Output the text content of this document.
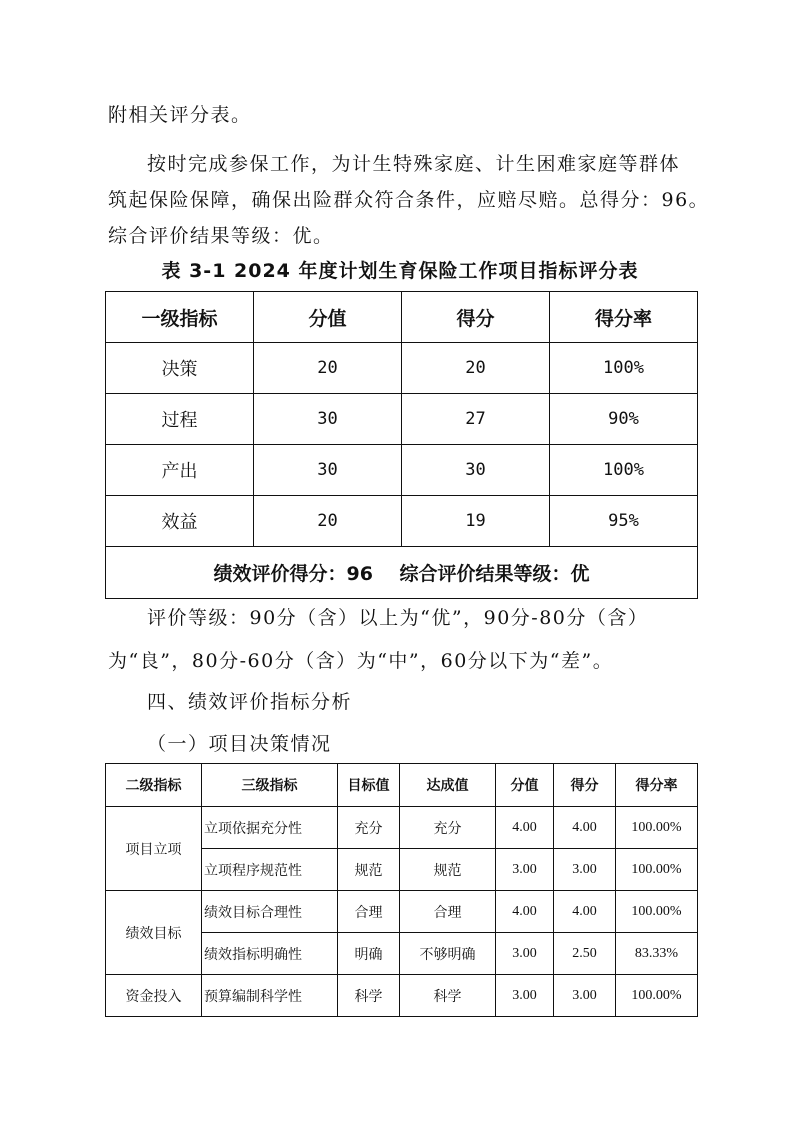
附相关评分表。
按时完成参保工作，为计生特殊家庭、计生困难家庭等群体
筑起保险保障，确保出险群众符合条件，应赔尽赔。总得分：96。
综合评价结果等级：优。
表 3-1 2024 年度计划生育保险工作项目指标评分表
一级指标	分值	得分	得分率
决策	20	20	100%
过程	30	27	90%
产出	30	30	100%
效益	20	19	95%
绩效评价得分：96    综合评价结果等级：优			
评价等级：90分（含）以上为“优”，90分-80分（含）
为“良”，80分-60分（含）为“中”，60分以下为“差”。
四、绩效评价指标分析
（一）项目决策情况
二级指标	三级指标	目标值	达成值	分值	得分	得分率
项目立项	立项依据充分性	充分	充分	4.00	4.00	100.00%
	立项程序规范性	规范	规范	3.00	3.00	100.00%
绩效目标	绩效目标合理性	合理	合理	4.00	4.00	100.00%
	绩效指标明确性	明确	不够明确	3.00	2.50	83.33%
资金投入	预算编制科学性	科学	科学	3.00	3.00	100.00%
